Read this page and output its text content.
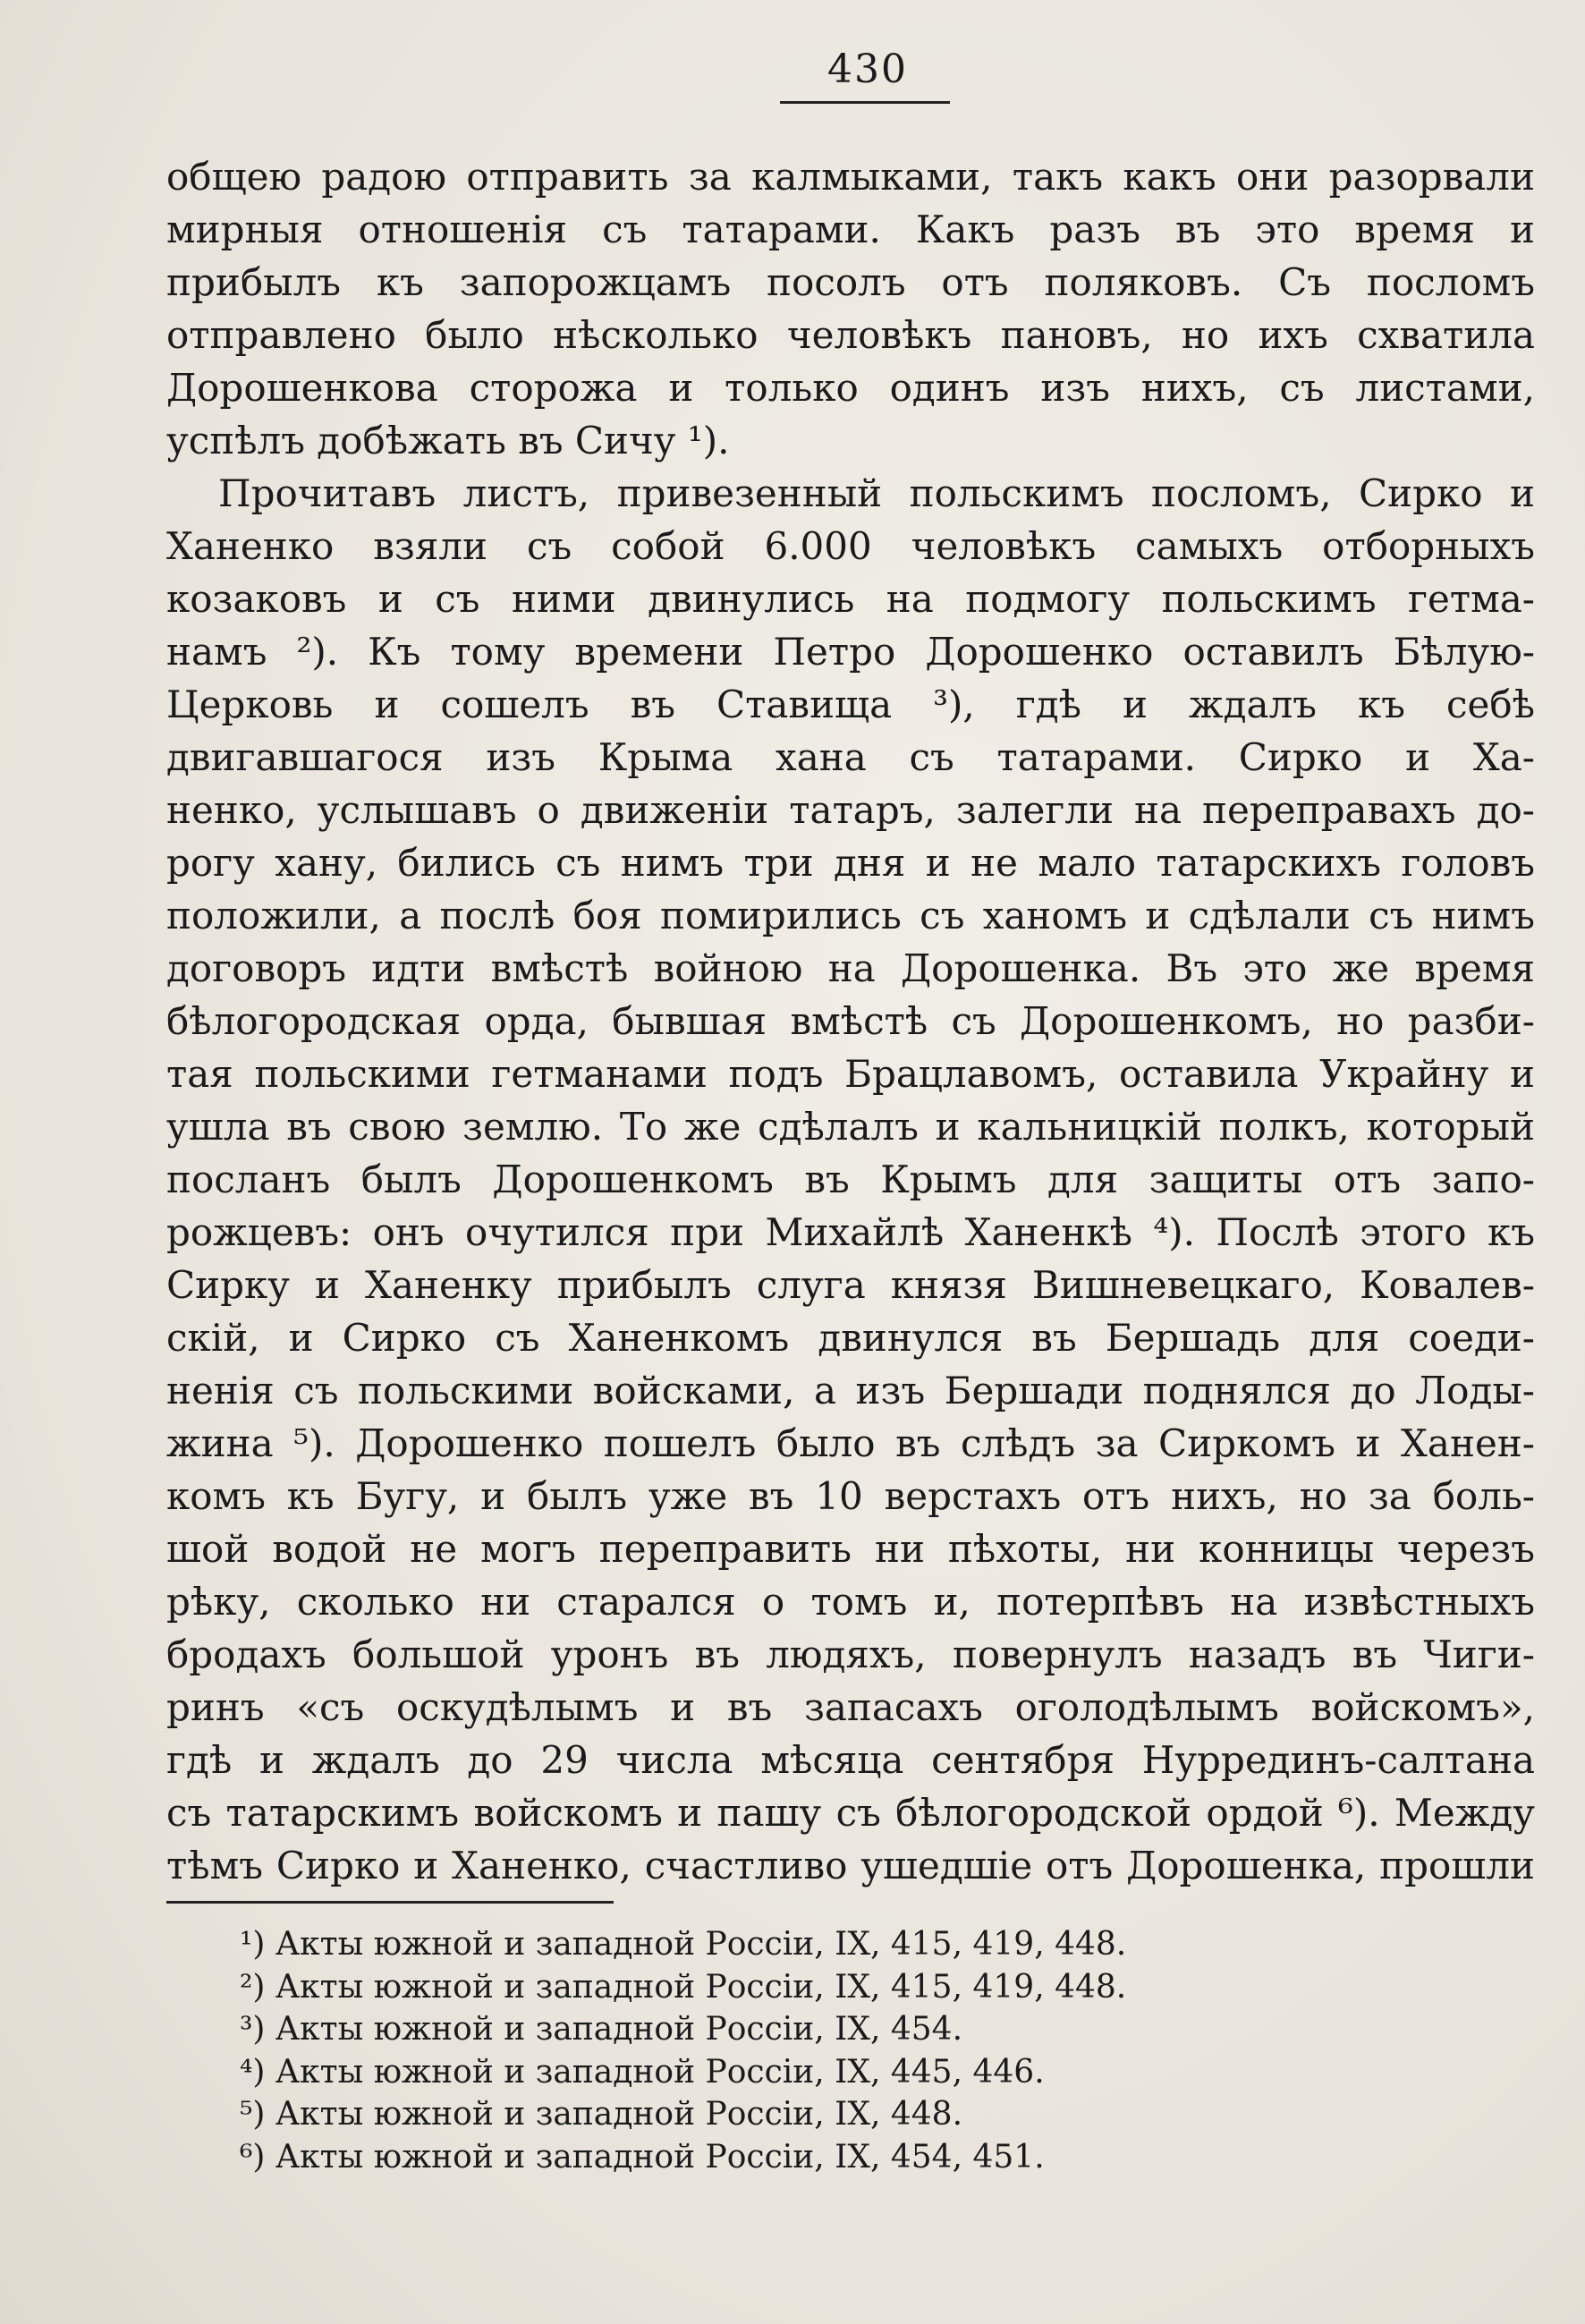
430
общею радою отправить за калмыками, такъ какъ они разорвали
мирныя отношенія съ татарами. Какъ разъ въ это время и
прибылъ къ запорожцамъ посолъ отъ поляковъ. Съ посломъ
отправлено было нѣсколько человѣкъ пановъ, но ихъ схватила
Дорошенкова сторожа и только одинъ изъ нихъ, съ листами,
успѣлъ добѣжать въ Сичу ¹).
Прочитавъ листъ, привезенный польскимъ посломъ, Сирко и
Ханенко взяли съ собой 6.000 человѣкъ самыхъ отборныхъ
козаковъ и съ ними двинулись на подмогу польскимъ гетма-
намъ ²). Къ тому времени Петро Дорошенко оставилъ Бѣлую-
Церковь и сошелъ въ Ставища ³), гдѣ и ждалъ къ себѣ
двигавшагося изъ Крыма хана съ татарами. Сирко и Ха-
ненко, услышавъ о движеніи татаръ, залегли на переправахъ до-
рогу хану, бились съ нимъ три дня и не мало татарскихъ головъ
положили, а послѣ боя помирились съ ханомъ и сдѣлали съ нимъ
договоръ идти вмѣстѣ войною на Дорошенка. Въ это же время
бѣлогородская орда, бывшая вмѣстѣ съ Дорошенкомъ, но разби-
тая польскими гетманами подъ Брацлавомъ, оставила Украйну и
ушла въ свою землю. То же сдѣлалъ и кальницкій полкъ, который
посланъ былъ Дорошенкомъ въ Крымъ для защиты отъ запо-
рожцевъ: онъ очутился при Михайлѣ Ханенкѣ ⁴). Послѣ этого къ
Сирку и Ханенку прибылъ слуга князя Вишневецкаго, Ковалев-
скій, и Сирко съ Ханенкомъ двинулся въ Бершадь для соеди-
ненія съ польскими войсками, а изъ Бершади поднялся до Лоды-
жина ⁵). Дорошенко пошелъ было въ слѣдъ за Сиркомъ и Ханен-
комъ къ Бугу, и былъ уже въ 10 верстахъ отъ нихъ, но за боль-
шой водой не могъ переправить ни пѣхоты, ни конницы черезъ
рѣку, сколько ни старался о томъ и, потерпѣвъ на извѣстныхъ
бродахъ большой уронъ въ людяхъ, повернулъ назадъ въ Чиги-
ринъ «съ оскудѣлымъ и въ запасахъ оголодѣлымъ войскомъ»,
гдѣ и ждалъ до 29 числа мѣсяца сентября Нуррединъ-салтана
съ татарскимъ войскомъ и пашу съ бѣлогородской ордой ⁶). Между
тѣмъ Сирко и Ханенко, счастливо ушедшіе отъ Дорошенка, прошли
¹) Акты южной и западной Россіи, IX, 415, 419, 448.
²) Акты южной и западной Россіи, IX, 415, 419, 448.
³) Акты южной и западной Россіи, IX, 454.
⁴) Акты южной и западной Россіи, IX, 445, 446.
⁵) Акты южной и западной Россіи, IX, 448.
⁶) Акты южной и западной Россіи, IX, 454, 451.
